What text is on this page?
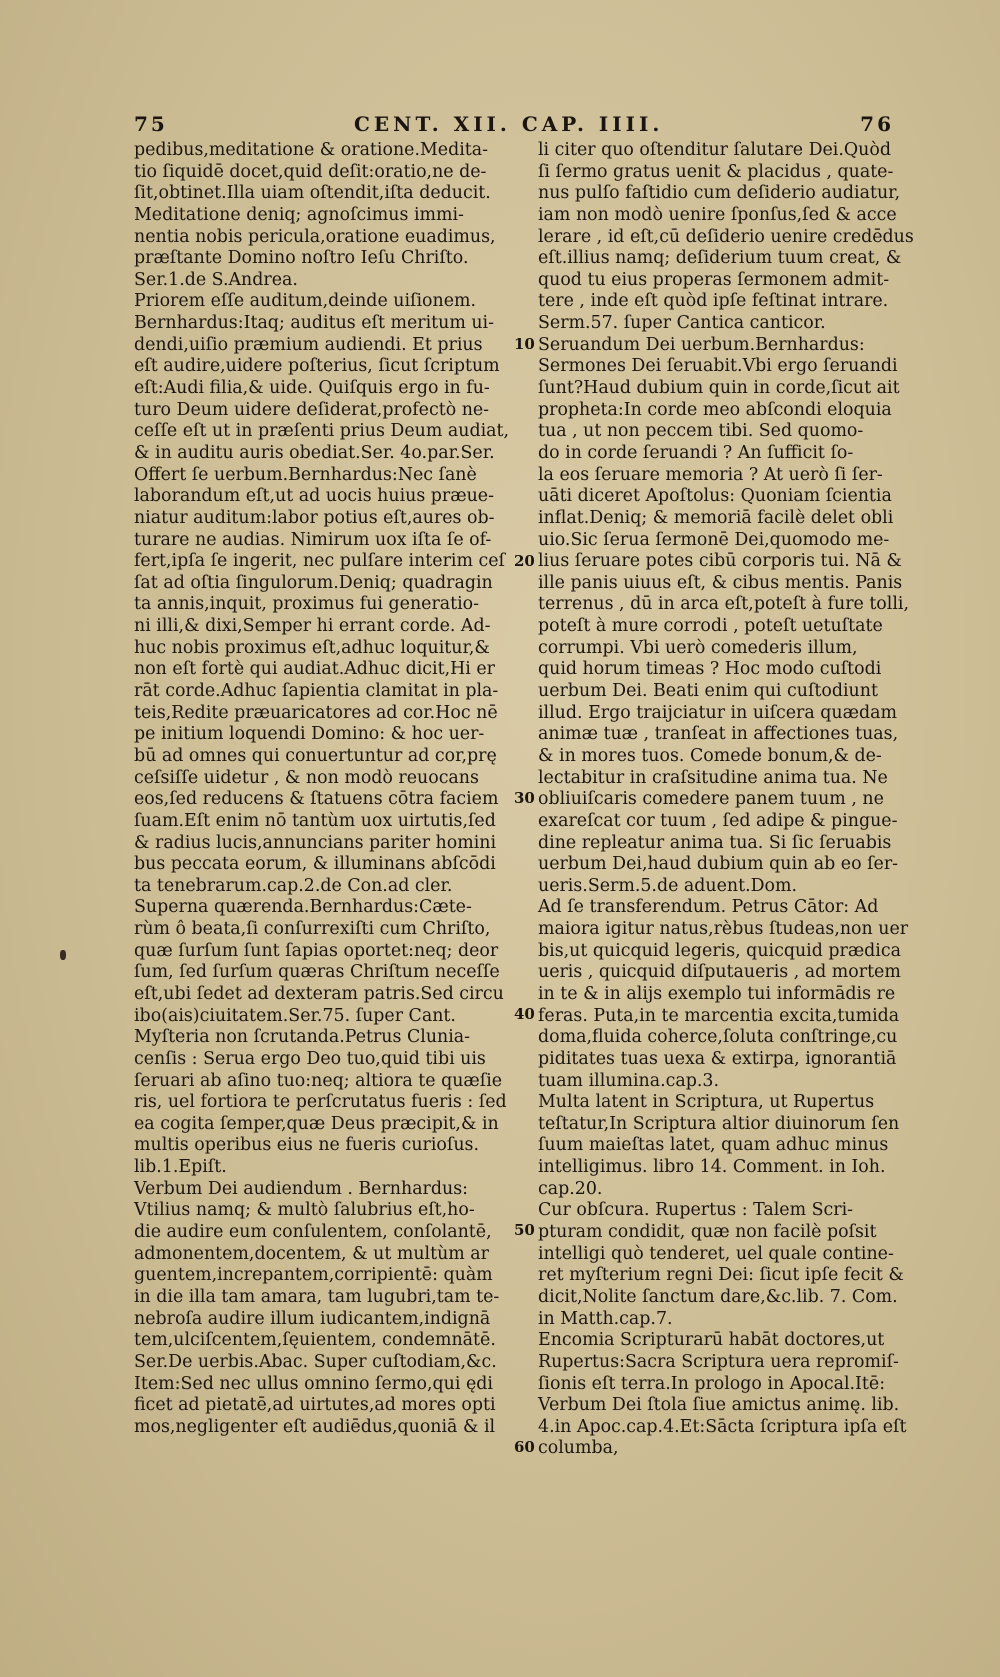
75	CENT. XII. CAP. IIII.	76
pedibus,meditatione & oratione.Medita-
tio ſiquidē docet,quid deſit:oratio,ne de-
ſit,obtinet.Illa uiam oſtendit,iſta deducit.
Meditatione deniq; agnoſcimus immi-
nentia nobis pericula,oratione euadimus,
præſtante Domino noſtro Ieſu Chriſto.
Ser.1.de S.Andrea.
Priorem eſſe auditum,deinde uiſionem.
Bernhardus:Itaq; auditus eſt meritum ui-
dendi,uiſio præmium audiendi. Et prius
eſt audire,uidere poſterius, ſicut ſcriptum
eſt:Audi filia,& uide. Quiſquis ergo in fu-
turo Deum uidere deſiderat,profectò ne-
ceſſe eſt ut in præſenti prius Deum audiat,
& in auditu auris obediat.Ser. 4o.par.Ser.
Offert ſe uerbum.Bernhardus:Nec ſanè
laborandum eſt,ut ad uocis huius præue-
niatur auditum:labor potius eſt,aures ob-
turare ne audias. Nimirum uox iſta ſe of-
fert,ipſa ſe ingerit, nec pulſare interim ceſ
ſat ad oſtia ſingulorum.Deniq; quadragin
ta annis,inquit, proximus fui generatio-
ni illi,& dixi,Semper hi errant corde. Ad-
huc nobis proximus eſt,adhuc loquitur,&
non eſt fortè qui audiat.Adhuc dicit,Hi er
rāt corde.Adhuc ſapientia clamitat in pla-
teis,Redite præuaricatores ad cor.Hoc nē
pe initium loquendi Domino: & hoc uer-
bū ad omnes qui conuertuntur ad cor,prę
ceſsiſſe uidetur , & non modò reuocans
eos,ſed reducens & ſtatuens cōtra faciem
ſuam.Eſt enim nō tantùm uox uirtutis,ſed
& radius lucis,annuncians pariter homini
bus peccata eorum, & illuminans abſcōdi
ta tenebrarum.cap.2.de Con.ad cler.
Superna quærenda.Bernhardus:Cæte-
rùm ô beata,ſi conſurrexiſti cum Chriſto,
quæ ſurſum ſunt ſapias oportet:neq; deor
ſum, ſed ſurſum quæras Chriſtum neceſſe
eſt,ubi ſedet ad dexteram patris.Sed circu
ibo(ais)ciuitatem.Ser.75. ſuper Cant.
Myſteria non ſcrutanda.Petrus Clunia-
cenſis : Serua ergo Deo tuo,quid tibi uis
ſeruari ab aſino tuo:neq; altiora te quæſie
ris, uel fortiora te perſcrutatus fueris : ſed
ea cogita ſemper,quæ Deus præcipit,& in
multis operibus eius ne fueris curioſus.
lib.1.Epiſt.
Verbum Dei audiendum . Bernhardus:
Vtilius namq; & multò ſalubrius eſt,ho-
die audire eum conſulentem, conſolantē,
admonentem,docentem, & ut multùm ar
guentem,increpantem,corripientē: quàm
in die illa tam amara, tam lugubri,tam te-
nebroſa audire illum iudicantem,indignā
tem,ulciſcentem,ſęuientem, condemnātē.
Ser.De uerbis.Abac. Super cuſtodiam,&c.
Item:Sed nec ullus omnino ſermo,qui ędi
ficet ad pietatē,ad uirtutes,ad mores opti
mos,negligenter eſt audiēdus,quoniā & il
li citer quo oſtenditur ſalutare Dei.Quòd
ſi ſermo gratus uenit & placidus , quate-
nus pulſo faſtidio cum deſiderio audiatur,
iam non modò uenire ſponſus,ſed & acce
lerare , id eſt,cū deſiderio uenire credēdus
eſt.illius namq; deſiderium tuum creat, &
quod tu eius properas ſermonem admit-
tere , inde eſt quòd ipſe feſtinat intrare.
Serm.57. ſuper Cantica canticor.
Seruandum Dei uerbum.Bernhardus:
Sermones Dei ſeruabit.Vbi ergo ſeruandi
ſunt?Haud dubium quin in corde,ſicut ait
propheta:In corde meo abſcondi eloquia
tua , ut non peccem tibi. Sed quomo-
do in corde ſeruandi ? An ſufficit ſo-
la eos ſeruare memoria ? At uerò ſi ſer-
uāti diceret Apoſtolus: Quoniam ſcientia
inflat.Deniq; & memoriā facilè delet obli
uio.Sic ſerua ſermonē Dei,quomodo me-
lius ſeruare potes cibū corporis tui. Nā &
ille panis uiuus eſt, & cibus mentis. Panis
terrenus , dū in arca eſt,poteſt à fure tolli,
poteſt à mure corrodi , poteſt uetuſtate
corrumpi. Vbi uerò comederis illum,
quid horum timeas ? Hoc modo cuſtodi
uerbum Dei. Beati enim qui cuſtodiunt
illud. Ergo traijciatur in uiſcera quædam
animæ tuæ , tranſeat in affectiones tuas,
& in mores tuos. Comede bonum,& de-
lectabitur in craſsitudine anima tua. Ne
obliuiſcaris comedere panem tuum , ne
exareſcat cor tuum , ſed adipe & pingue-
dine repleatur anima tua. Si ſic ſeruabis
uerbum Dei,haud dubium quin ab eo ſer-
ueris.Serm.5.de aduent.Dom.
Ad ſe transferendum. Petrus Cātor: Ad
maiora igitur natus,rèbus ſtudeas,non uer
bis,ut quicquid legeris, quicquid prædica
ueris , quicquid diſputaueris , ad mortem
in te & in alijs exemplo tui informādis re
feras. Puta,in te marcentia excita,tumida
doma,fluida coherce,ſoluta conſtringe,cu
piditates tuas uexa & extirpa, ignorantiā
tuam illumina.cap.3.
Multa latent in Scriptura, ut Rupertus
teſtatur,In Scriptura altior diuinorum ſen
ſuum maieſtas latet, quam adhuc minus
intelligimus. libro 14. Comment. in Ioh.
cap.20.
Cur obſcura. Rupertus : Talem Scri-
pturam condidit, quæ non facilè poſsit
intelligi quò tenderet, uel quale contine-
ret myſterium regni Dei: ſicut ipſe fecit &
dicit,Nolite ſanctum dare,&c.lib. 7. Com.
in Matth.cap.7.
Encomia Scripturarū habāt doctores,ut
Rupertus:Sacra Scriptura uera repromiſ-
ſionis eſt terra.In prologo in Apocal.Itē:
Verbum Dei ſtola ſiue amictus animę. lib.
4.in Apoc.cap.4.Et:Sācta ſcriptura ipſa eſt
columba,
10
20
30
40
50
60
